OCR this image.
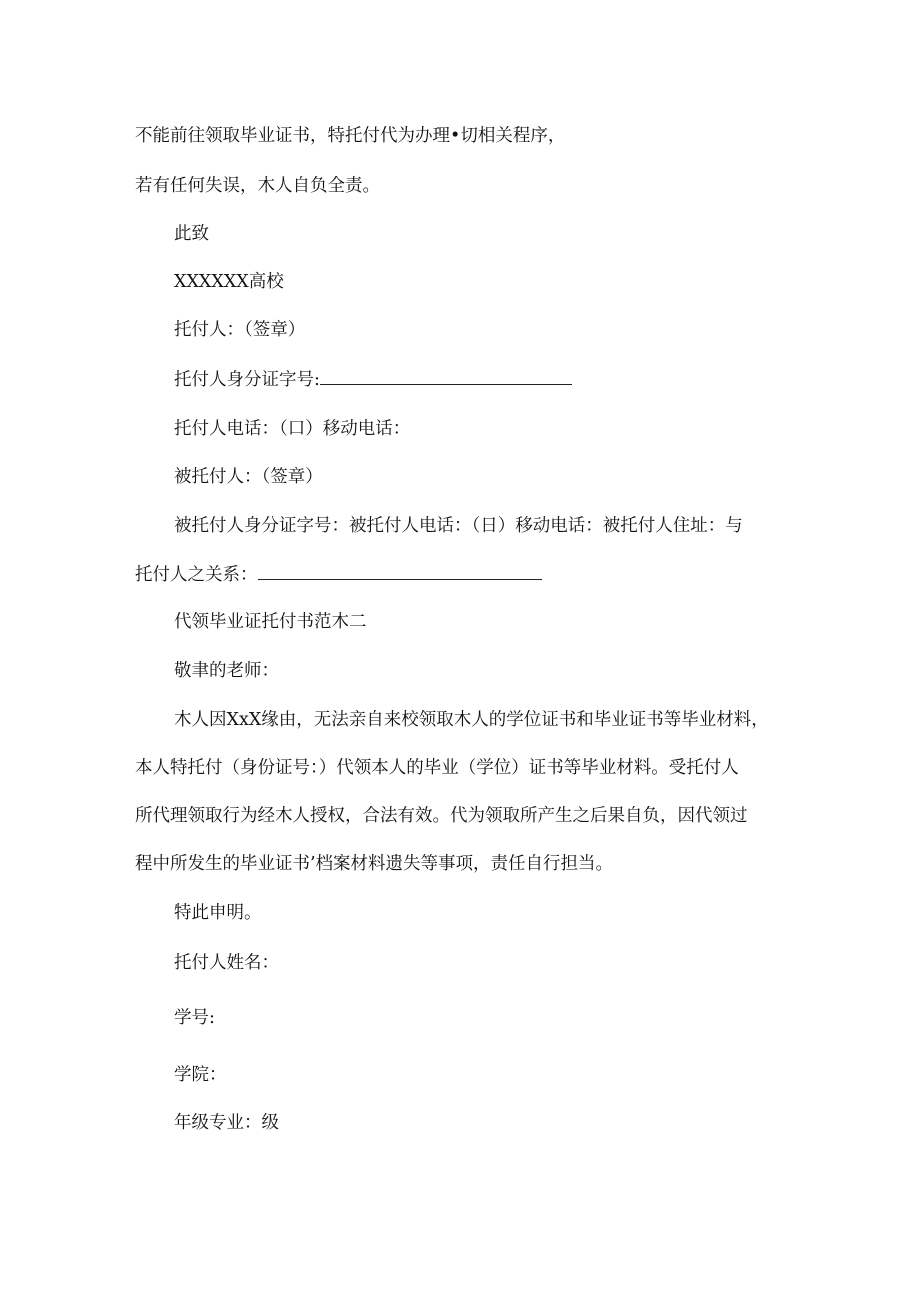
不能前往领取毕业证书，特托付代为办理•切相关程序，
若有任何失误，木人自负全责。
此致
XXXXXX高校
托付人：（签章）
托付人身分证字号:
托付人电话：（口）移动电话：
被托付人：（签章）
被托付人身分证字号：被托付人电话：（日）移动电话：被托付人住址：与
托付人之关系：
代领毕业证托付书范木二
敬聿的老师：
木人因XxX缘由，无法亲自来校领取木人的学位证书和毕业证书等毕业材料，
本人特托付（身份证号：）代领本人的毕业（学位）证书等毕业材料。受托付人
所代理领取行为经木人授权，合法有效。代为领取所产生之后果自负，因代领过
程中所发生的毕业证书’档案材料遗失等事项，责任自行担当。
特此申明。
托付人姓名：
学号:
学院：
年级专业：级
